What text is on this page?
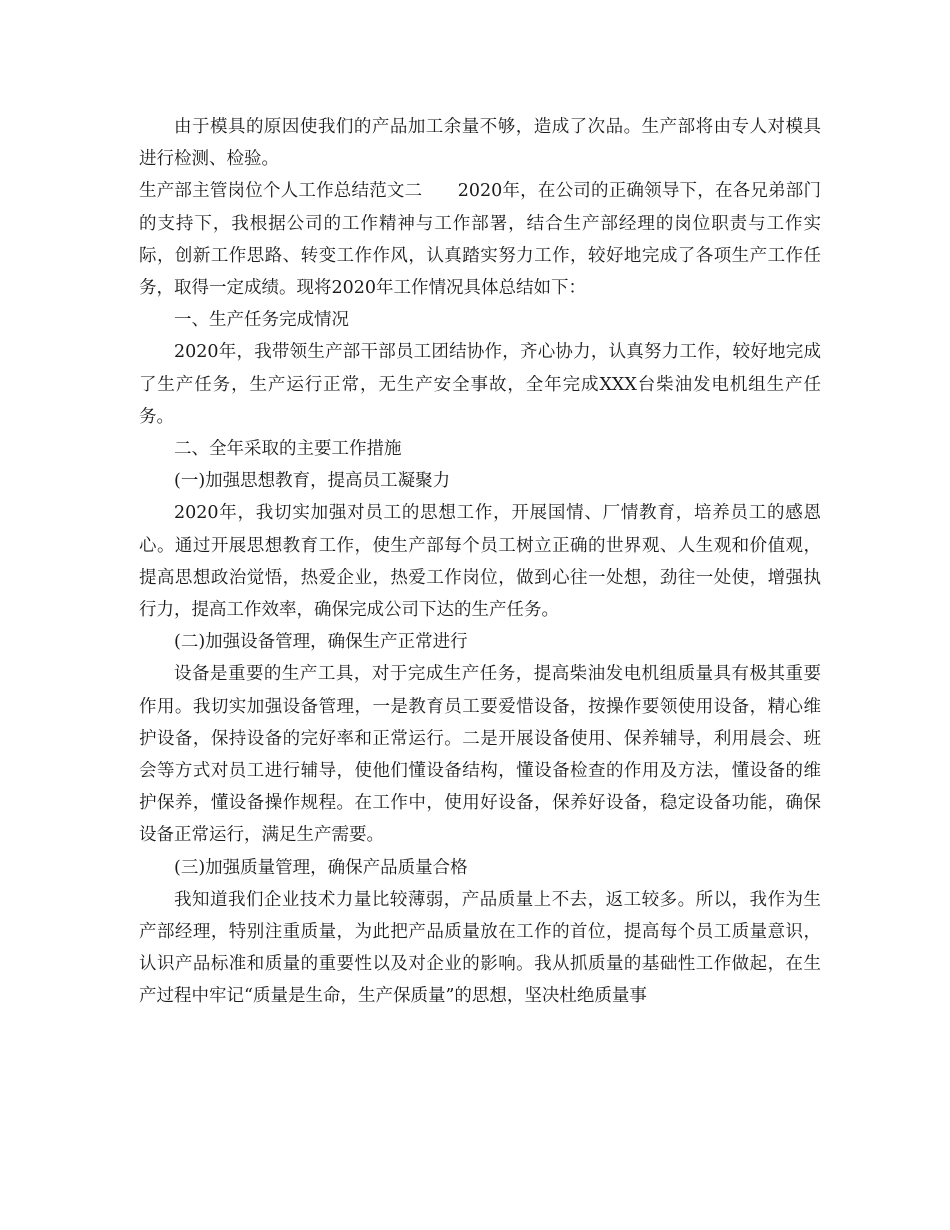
由于模具的原因使我们的产品加工余量不够，造成了次品。生产部将由专人对模具进行检测、检验。

生产部主管岗位个人工作总结范文二　　2020年，在公司的正确领导下，在各兄弟部门的支持下，我根据公司的工作精神与工作部署，结合生产部经理的岗位职责与工作实际，创新工作思路、转变工作作风，认真踏实努力工作，较好地完成了各项生产工作任务，取得一定成绩。现将2020年工作情况具体总结如下：

一、生产任务完成情况

2020年，我带领生产部干部员工团结协作，齐心协力，认真努力工作，较好地完成了生产任务，生产运行正常，无生产安全事故，全年完成XXX台柴油发电机组生产任务。

二、全年采取的主要工作措施

(一)加强思想教育，提高员工凝聚力

2020年，我切实加强对员工的思想工作，开展国情、厂情教育，培养员工的感恩心。通过开展思想教育工作，使生产部每个员工树立正确的世界观、人生观和价值观，提高思想政治觉悟，热爱企业，热爱工作岗位，做到心往一处想，劲往一处使，增强执行力，提高工作效率，确保完成公司下达的生产任务。

(二)加强设备管理，确保生产正常进行

设备是重要的生产工具，对于完成生产任务，提高柴油发电机组质量具有极其重要作用。我切实加强设备管理，一是教育员工要爱惜设备，按操作要领使用设备，精心维护设备，保持设备的完好率和正常运行。二是开展设备使用、保养辅导，利用晨会、班会等方式对员工进行辅导，使他们懂设备结构，懂设备检查的作用及方法，懂设备的维护保养，懂设备操作规程。在工作中，使用好设备，保养好设备，稳定设备功能，确保设备正常运行，满足生产需要。

(三)加强质量管理，确保产品质量合格

我知道我们企业技术力量比较薄弱，产品质量上不去，返工较多。所以，我作为生产部经理，特别注重质量，为此把产品质量放在工作的首位，提高每个员工质量意识，认识产品标准和质量的重要性以及对企业的影响。我从抓质量的基础性工作做起，在生产过程中牢记“质量是生命，生产保质量”的思想，坚决杜绝质量事
